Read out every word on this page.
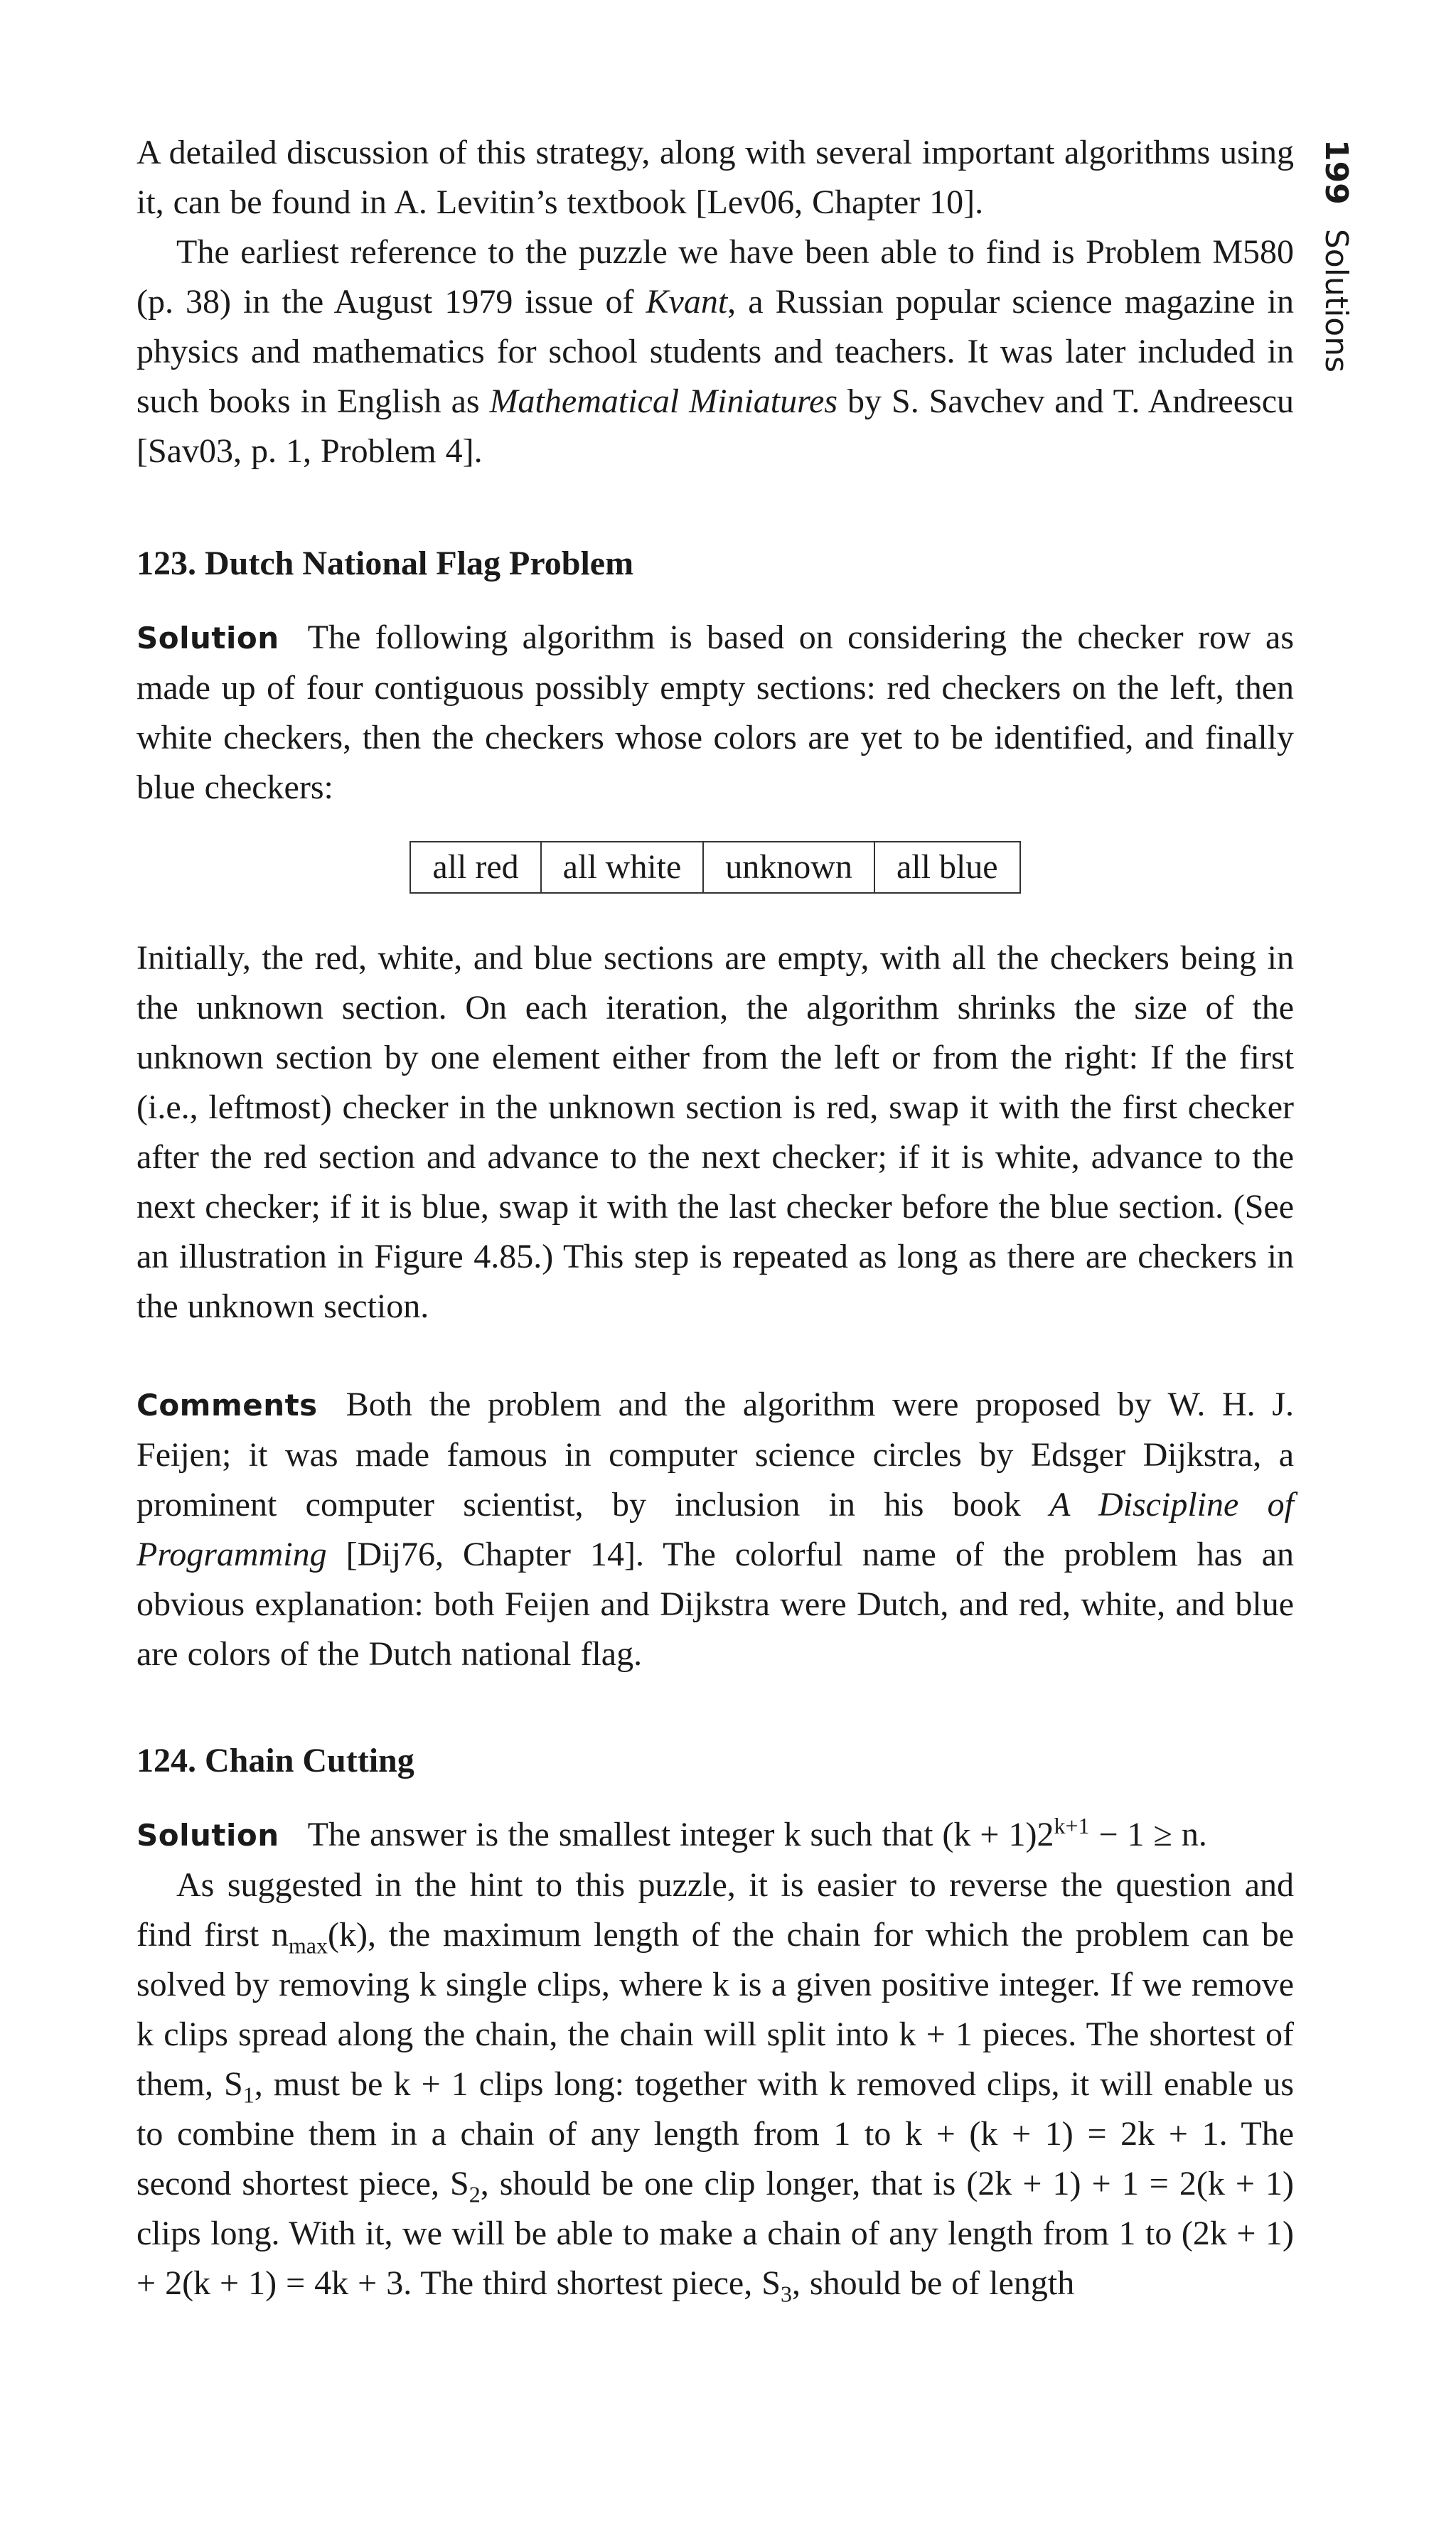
199Solutions

A detailed discussion of this strategy, along with several important algorithms using it, can be found in A. Levitin’s textbook [Lev06, Chapter 10].

The earliest reference to the puzzle we have been able to find is Problem M580 (p. 38) in the August 1979 issue of Kvant, a Russian popular science magazine in physics and mathematics for school students and teachers. It was later included in such books in English as Mathematical Miniatures by S. Savchev and T. Andreescu [Sav03, p. 1, Problem 4].

123. Dutch National Flag Problem

Solution The following algorithm is based on considering the checker row as made up of four contiguous possibly empty sections: red checkers on the left, then white checkers, then the checkers whose colors are yet to be identified, and finally blue checkers:

all red	all white	unknown	all blue

Initially, the red, white, and blue sections are empty, with all the checkers being in the unknown section. On each iteration, the algorithm shrinks the size of the unknown section by one element either from the left or from the right: If the first (i.e., leftmost) checker in the unknown section is red, swap it with the first checker after the red section and advance to the next checker; if it is white, advance to the next checker; if it is blue, swap it with the last checker before the blue section. (See an illustration in Figure 4.85.) This step is repeated as long as there are checkers in the unknown section.

Comments Both the problem and the algorithm were proposed by W. H. J. Feijen; it was made famous in computer science circles by Edsger Dijkstra, a prominent computer scientist, by inclusion in his book A Discipline of Programming [Dij76, Chapter 14]. The colorful name of the problem has an obvious explanation: both Feijen and Dijkstra were Dutch, and red, white, and blue are colors of the Dutch national flag.

124. Chain Cutting

Solution The answer is the smallest integer k such that $(k + 1)2^{k+1} - 1 \ge n$.

As suggested in the hint to this puzzle, it is easier to reverse the question and find first $n_{max}(k)$, the maximum length of the chain for which the problem can be solved by removing k single clips, where k is a given positive integer. If we remove k clips spread along the chain, the chain will split into k + 1 pieces. The shortest of them, $S_1$, must be k + 1 clips long: together with k removed clips, it will enable us to combine them in a chain of any length from 1 to k + (k + 1) = 2k + 1. The second shortest piece, $S_2$, should be one clip longer, that is (2k + 1) + 1 = 2(k + 1) clips long. With it, we will be able to make a chain of any length from 1 to (2k + 1) + 2(k + 1) = 4k + 3. The third shortest piece, $S_3$, should be of length
